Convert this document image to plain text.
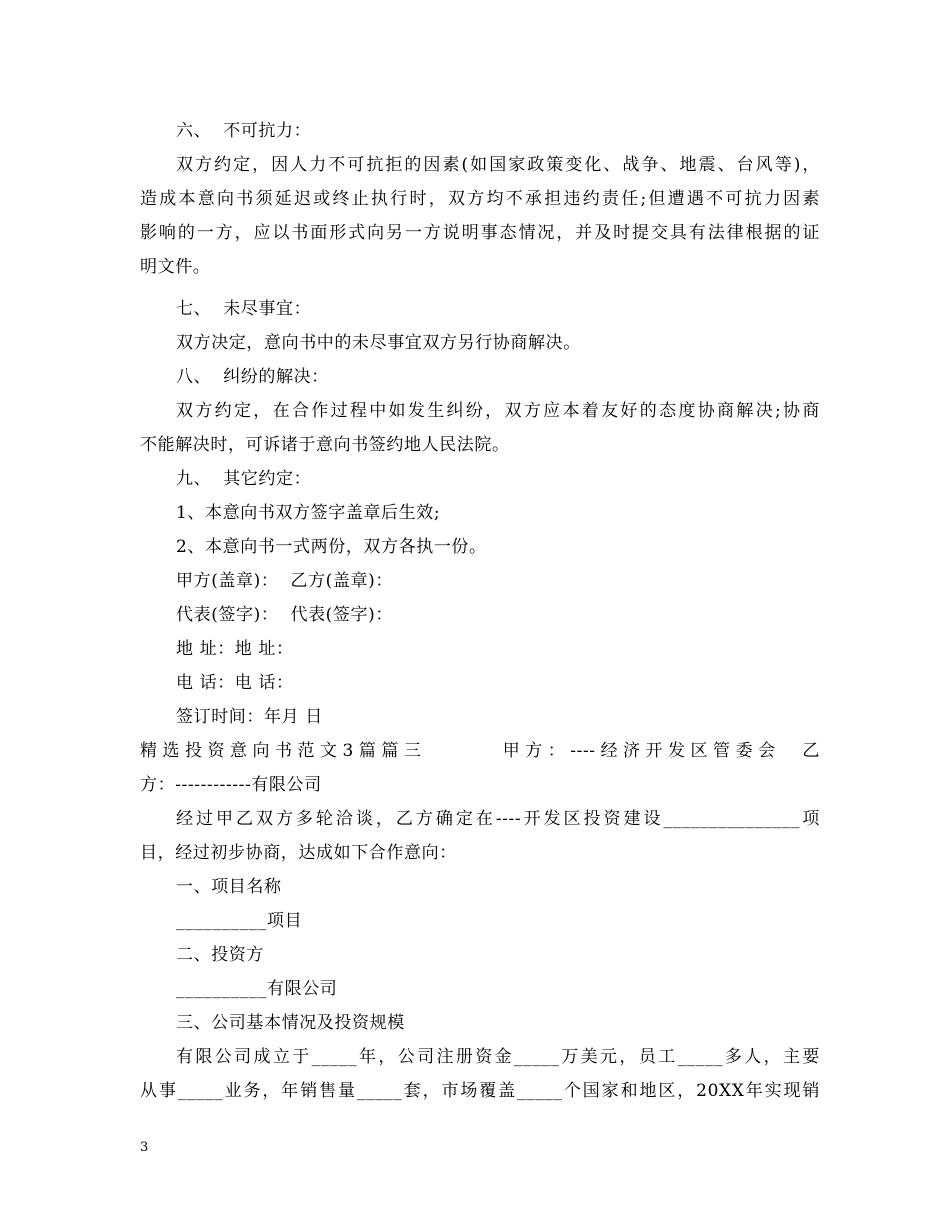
六、  不可抗力：
双方约定，因人力不可抗拒的因素(如国家政策变化、战争、地震、台风等)，
造成本意向书须延迟或终止执行时，双方均不承担违约责任;但遭遇不可抗力因素
影响的一方，应以书面形式向另一方说明事态情况，并及时提交具有法律根据的证
明文件。
七、  未尽事宜：
双方决定，意向书中的未尽事宜双方另行协商解决。
八、  纠纷的解决：
双方约定，在合作过程中如发生纠纷，双方应本着友好的态度协商解决;协商
不能解决时，可诉诸于意向书签约地人民法院。
九、  其它约定：
1、本意向书双方签字盖章后生效;
2、本意向书一式两份，双方各执一份。
甲方(盖章)：  乙方(盖章)：
代表(签字)：  代表(签字)：
地 址：地 址：
电 话：电 话：
签订时间：年月 日
精选投资意向书范文3篇篇三       甲方：----经济开发区管委会  乙
方：------------有限公司
经过甲乙双方多轮洽谈，乙方确定在----开发区投资建设_______________项
目，经过初步协商，达成如下合作意向：
一、项目名称
__________项目
二、投资方
__________有限公司
三、公司基本情况及投资规模
有限公司成立于_____年，公司注册资金_____万美元，员工_____多人，主要
从事_____业务，年销售量_____套，市场覆盖_____个国家和地区，20XX年实现销
3
